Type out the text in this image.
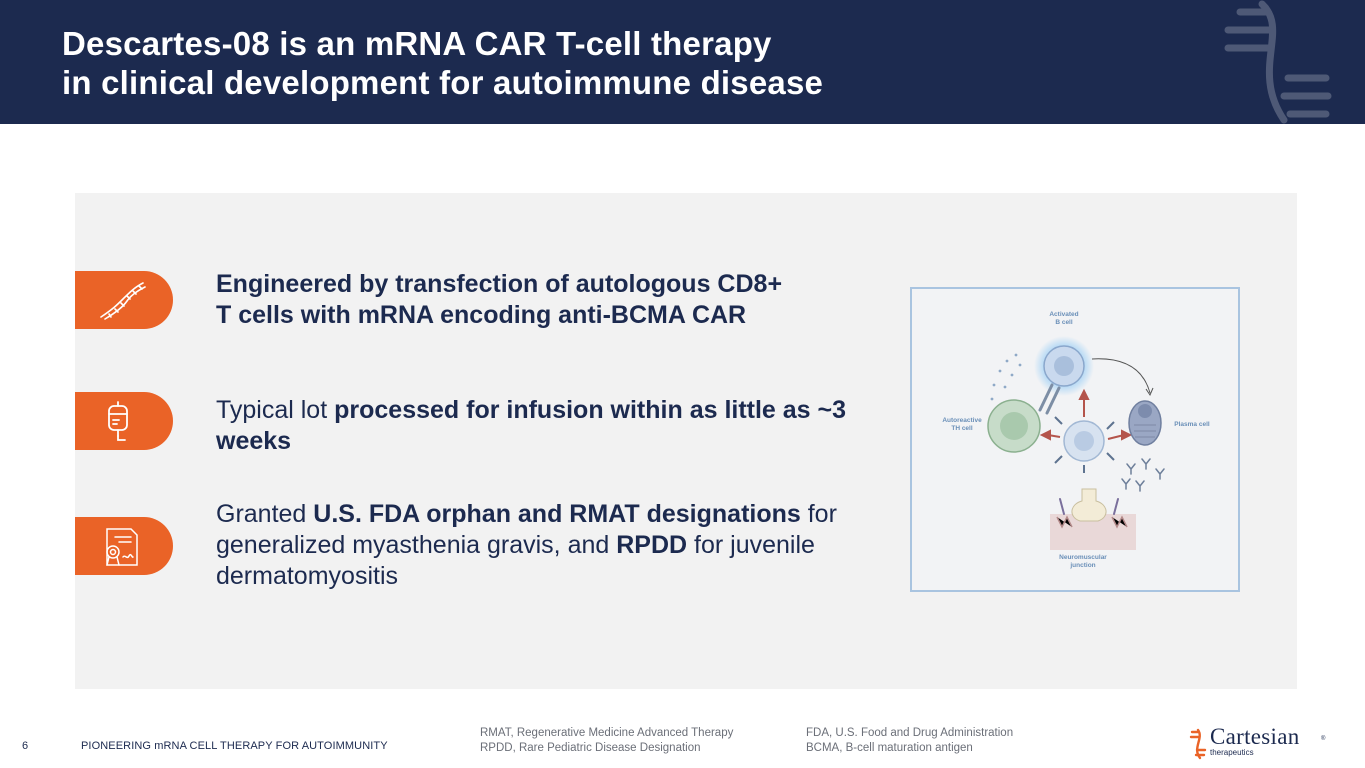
Descartes-08 is an mRNA CAR T-cell therapy
in clinical development for autoimmune disease
Engineered by transfection of autologous CD8+
T cells with mRNA encoding anti-BCMA CAR
Typical lot processed for infusion within as little as ~3 weeks
Granted U.S. FDA orphan and RMAT designations for generalized myasthenia gravis, and RPDD for juvenile dermatomyositis
Activated B cell
Autoreactive TH cell
Plasma cell
Neuromuscular junction
6	PIONEERING mRNA CELL THERAPY FOR AUTOIMMUNITY
RMAT, Regenerative Medicine Advanced Therapy
RPDD, Rare Pediatric Disease Designation
FDA, U.S. Food and Drug Administration
BCMA, B-cell maturation antigen	Cartesian
therapeutics
®
